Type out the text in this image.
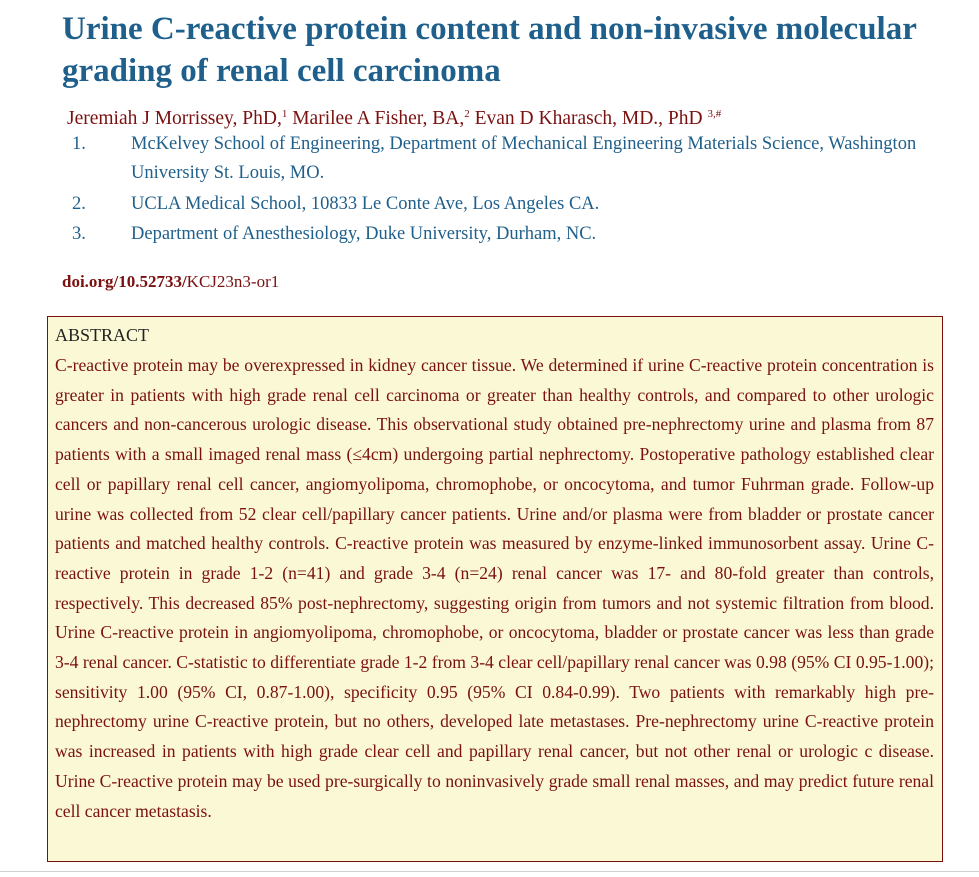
Urine C-reactive protein content and non-invasive molecular grading of renal cell carcinoma
Jeremiah J Morrissey, PhD,$^1$ Marilee A Fisher, BA,$^2$ Evan D Kharasch, MD., PhD $^{3,\#}$
1.	McKelvey School of Engineering, Department of Mechanical Engineering Materials Science, Washington University St. Louis, MO.
2.	UCLA Medical School, 10833 Le Conte Ave, Los Angeles CA.
3.	Department of Anesthesiology, Duke University, Durham, NC.
doi.org/10.52733/KCJ23n3-or1
ABSTRACT
C-reactive protein may be overexpressed in kidney cancer tissue. We determined if urine C-reactive protein concentration is greater in patients with high grade renal cell carcinoma or greater than healthy controls, and compared to other urologic cancers and non-cancerous urologic disease. This observational study obtained pre-nephrectomy urine and plasma from 87 patients with a small imaged renal mass (≤4cm) undergoing partial nephrectomy. Postoperative pathology established clear cell or papillary renal cell cancer, angiomyolipoma, chromophobe, or oncocytoma, and tumor Fuhrman grade. Follow-up urine was collected from 52 clear cell/papillary cancer patients. Urine and/or plasma were from bladder or prostate cancer patients and matched healthy controls. C-reactive protein was measured by enzyme-linked immunosorbent assay. Urine C-reactive protein in grade 1-2 (n=41) and grade 3-4 (n=24) renal cancer was 17- and 80-fold greater than controls, respectively. This decreased 85% post-nephrectomy, suggesting origin from tumors and not systemic filtration from blood. Urine C-reactive protein in angiomyolipoma, chromophobe, or oncocytoma, bladder or prostate cancer was less than grade 3-4 renal cancer. C-statistic to differentiate grade 1-2 from 3-4 clear cell/papillary renal cancer was 0.98 (95% CI 0.95-1.00); sensitivity 1.00 (95% CI, 0.87-1.00), specificity 0.95 (95% CI 0.84-0.99). Two patients with remarkably high pre-nephrectomy urine C-reactive protein, but no others, developed late metastases. Pre-nephrectomy urine C-reactive protein was increased in patients with high grade clear cell and papillary renal cancer, but not other renal or urologic c disease. Urine C-reactive protein may be used pre-surgically to noninvasively grade small renal masses, and may predict future renal cell cancer metastasis.
